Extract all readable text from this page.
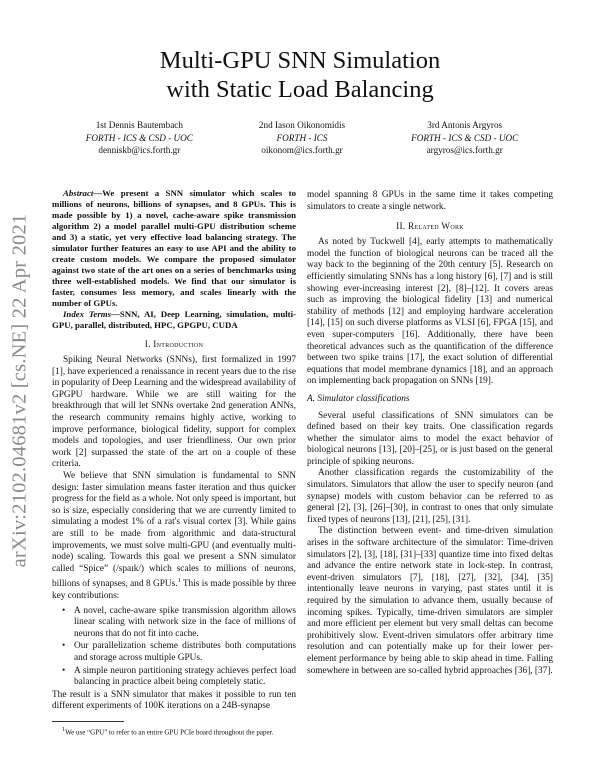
arXiv:2102.04681v2 [cs.NE] 22 Apr 2021
Multi-GPU SNN Simulation
with Static Load Balancing
1st Dennis Bautembach
FORTH - ICS & CSD - UOC
denniskb@ics.forth.gr
2nd Iason Oikonomidis
FORTH - ICS
oikonom@ics.forth.gr
3rd Antonis Argyros
FORTH - ICS & CSD - UOC
argyros@ics.forth.gr

Abstract—We present a SNN simulator which scales to millions of neurons, billions of synapses, and 8 GPUs. This is made possible by 1) a novel, cache-aware spike transmission algorithm 2) a model parallel multi-GPU distribution scheme and 3) a static, yet very effective load balancing strategy. The simulator further features an easy to use API and the ability to create custom models. We compare the proposed simulator against two state of the art ones on a series of benchmarks using three well-established models. We find that our simulator is faster, consumes less memory, and scales linearly with the number of GPUs.

Index Terms—SNN, AI, Deep Learning, simulation, multi-GPU, parallel, distributed, HPC, GPGPU, CUDA

I. Introduction

Spiking Neural Networks (SNNs), first formalized in 1997 [1], have experienced a renaissance in recent years due to the rise in popularity of Deep Learning and the widespread availability of GPGPU hardware. While we are still waiting for the breakthrough that will let SNNs overtake 2nd generation ANNs, the research community remains highly active, working to improve performance, biological fidelity, support for complex models and topologies, and user friendliness. Our own prior work [2] surpassed the state of the art on a couple of these criteria.

We believe that SNN simulation is fundamental to SNN design: faster simulation means faster iteration and thus quicker progress for the field as a whole. Not only speed is important, but so is size, especially considering that we are currently limited to simulating a modest 1% of a rat's visual cortex [3]. While gains are still to be made from algorithmic and data-structural improvements, we must solve multi-GPU (and eventually multi-node) scaling. Towards this goal we present a SNN simulator called “Spice” (/spaɪk/) which scales to millions of neurons, billions of synapses, and 8 GPUs.$^1$ This is made possible by three key contributions:

• A novel, cache-aware spike transmission algorithm allows linear scaling with network size in the face of millions of neurons that do not fit into cache.
• Our parallelization scheme distributes both computations and storage across multiple GPUs.
• A simple neuron partitioning strategy achieves perfect load balancing in practice albeit being completely static.

The result is a SNN simulator that makes it possible to run ten different experiments of 100K iterations on a 24B-synapse

$^1$We use “GPU” to refer to an entire GPU PCIe board throughout the paper.

model spanning 8 GPUs in the same time it takes competing simulators to create a single network.

II. Related Work

As noted by Tuckwell [4], early attempts to mathematically model the function of biological neurons can be traced all the way back to the beginning of the 20th century [5]. Research on efficiently simulating SNNs has a long history [6], [7] and is still showing ever-increasing interest [2], [8]–[12]. It covers areas such as improving the biological fidelity [13] and numerical stability of methods [12] and employing hardware acceleration [14], [15] on such diverse platforms as VLSI [6], FPGA [15], and even super-computers [16]. Additionally, there have been theoretical advances such as the quantification of the difference between two spike trains [17], the exact solution of differential equations that model membrane dynamics [18], and an approach on implementing back propagation on SNNs [19].

A. Simulator classifications

Several useful classifications of SNN simulators can be defined based on their key traits. One classification regards whether the simulator aims to model the exact behavior of biological neurons [13], [20]–[25], or is just based on the general principle of spiking neurons.

Another classification regards the customizability of the simulators. Simulators that allow the user to specify neuron (and synapse) models with custom behavior can be referred to as general [2], [3], [26]–[30], in contrast to ones that only simulate fixed types of neurons [13], [21], [25], [31].

The distinction between event- and time-driven simulation arises in the software architecture of the simulator: Time-driven simulators [2], [3], [18], [31]–[33] quantize time into fixed deltas and advance the entire network state in lock-step. In contrast, event-driven simulators [7], [18], [27], [32], [34], [35] intentionally leave neurons in varying, past states until it is required by the simulation to advance them, usually because of incoming spikes. Typically, time-driven simulators are simpler and more efficient per element but very small deltas can become prohibitively slow. Event-driven simulators offer arbitrary time resolution and can potentially make up for their lower per-element performance by being able to skip ahead in time. Falling somewhere in between are so-called hybrid approaches [36], [37].
